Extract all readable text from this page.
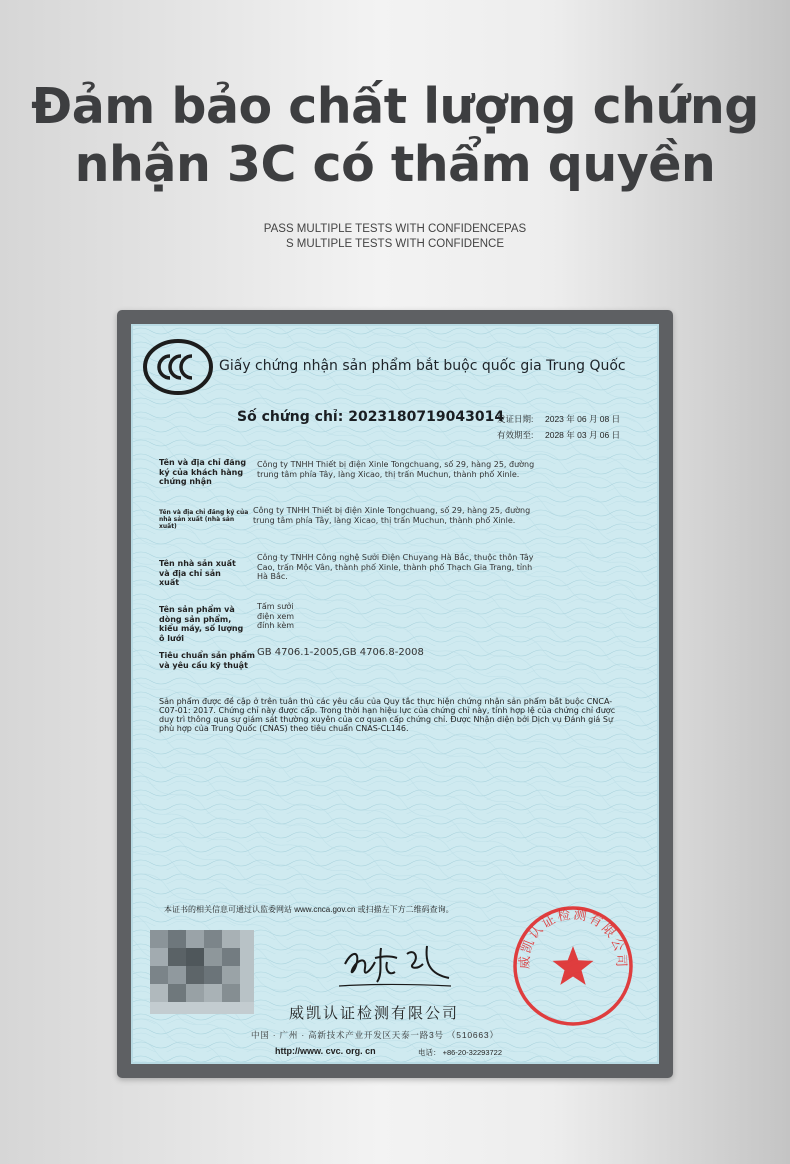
Đảm bảo chất lượng chứng
nhận 3C có thẩm quyền
PASS MULTIPLE TESTS WITH CONFIDENCEPAS
S MULTIPLE TESTS WITH CONFIDENCE
Giấy chứng nhận sản phẩm bắt buộc quốc gia Trung Quốc
Số chứng chỉ: 2023180719043014
发证日期: 2023 年 06 月 08 日
有效期至: 2028 年 03 月 06 日
Tên và địa chỉ đăng ký của khách hàng chứng nhận
Công ty TNHH Thiết bị điện Xinle Tongchuang, số 29, hàng 25, đường trung tâm phía Tây, làng Xicao, thị trấn Muchun, thành phố Xinle.
Tên và địa chỉ đăng ký của nhà sản xuất (nhà sản xuất)
Công ty TNHH Thiết bị điện Xinle Tongchuang, số 29, hàng 25, đường trung tâm phía Tây, làng Xicao, thị trấn Muchun, thành phố Xinle.
Tên nhà sản xuất và địa chỉ sản xuất
Công ty TNHH Công nghệ Sưởi Điện Chuyang Hà Bắc, thuộc thôn Tây Cao, trấn Mộc Vân, thành phố Xinle, thành phố Thạch Gia Trang, tỉnh Hà Bắc.
Tên sản phẩm và dòng sản phẩm, kiểu máy, số lượng ô lưới
Tấm sưởi điện xem đính kèm
Tiêu chuẩn sản phẩm và yêu cầu kỹ thuật
GB 4706.1-2005,GB 4706.8-2008
Sản phẩm được đề cập ở trên tuân thủ các yêu cầu của Quy tắc thực hiện chứng nhận sản phẩm bắt buộc CNCA-C07-01: 2017. Chứng chỉ này được cấp. Trong thời hạn hiệu lực của chứng chỉ này, tính hợp lệ của chứng chỉ được duy trì thông qua sự giám sát thường xuyên của cơ quan cấp chứng chỉ. Được Nhận diện bởi Dịch vụ Đánh giá Sự phù hợp của Trung Quốc (CNAS) theo tiêu chuẩn CNAS-CL146.
本证书的相关信息可通过认监委网站 www.cnca.gov.cn 或扫描左下方二维码查询。
威凯认证检测有限公司
中国 · 广州 · 高新技术产业开发区天泰一路3号 （510663）
http://www. cvc. org. cn	电话： +86-20-32293722
威凯认证检测有限公司
